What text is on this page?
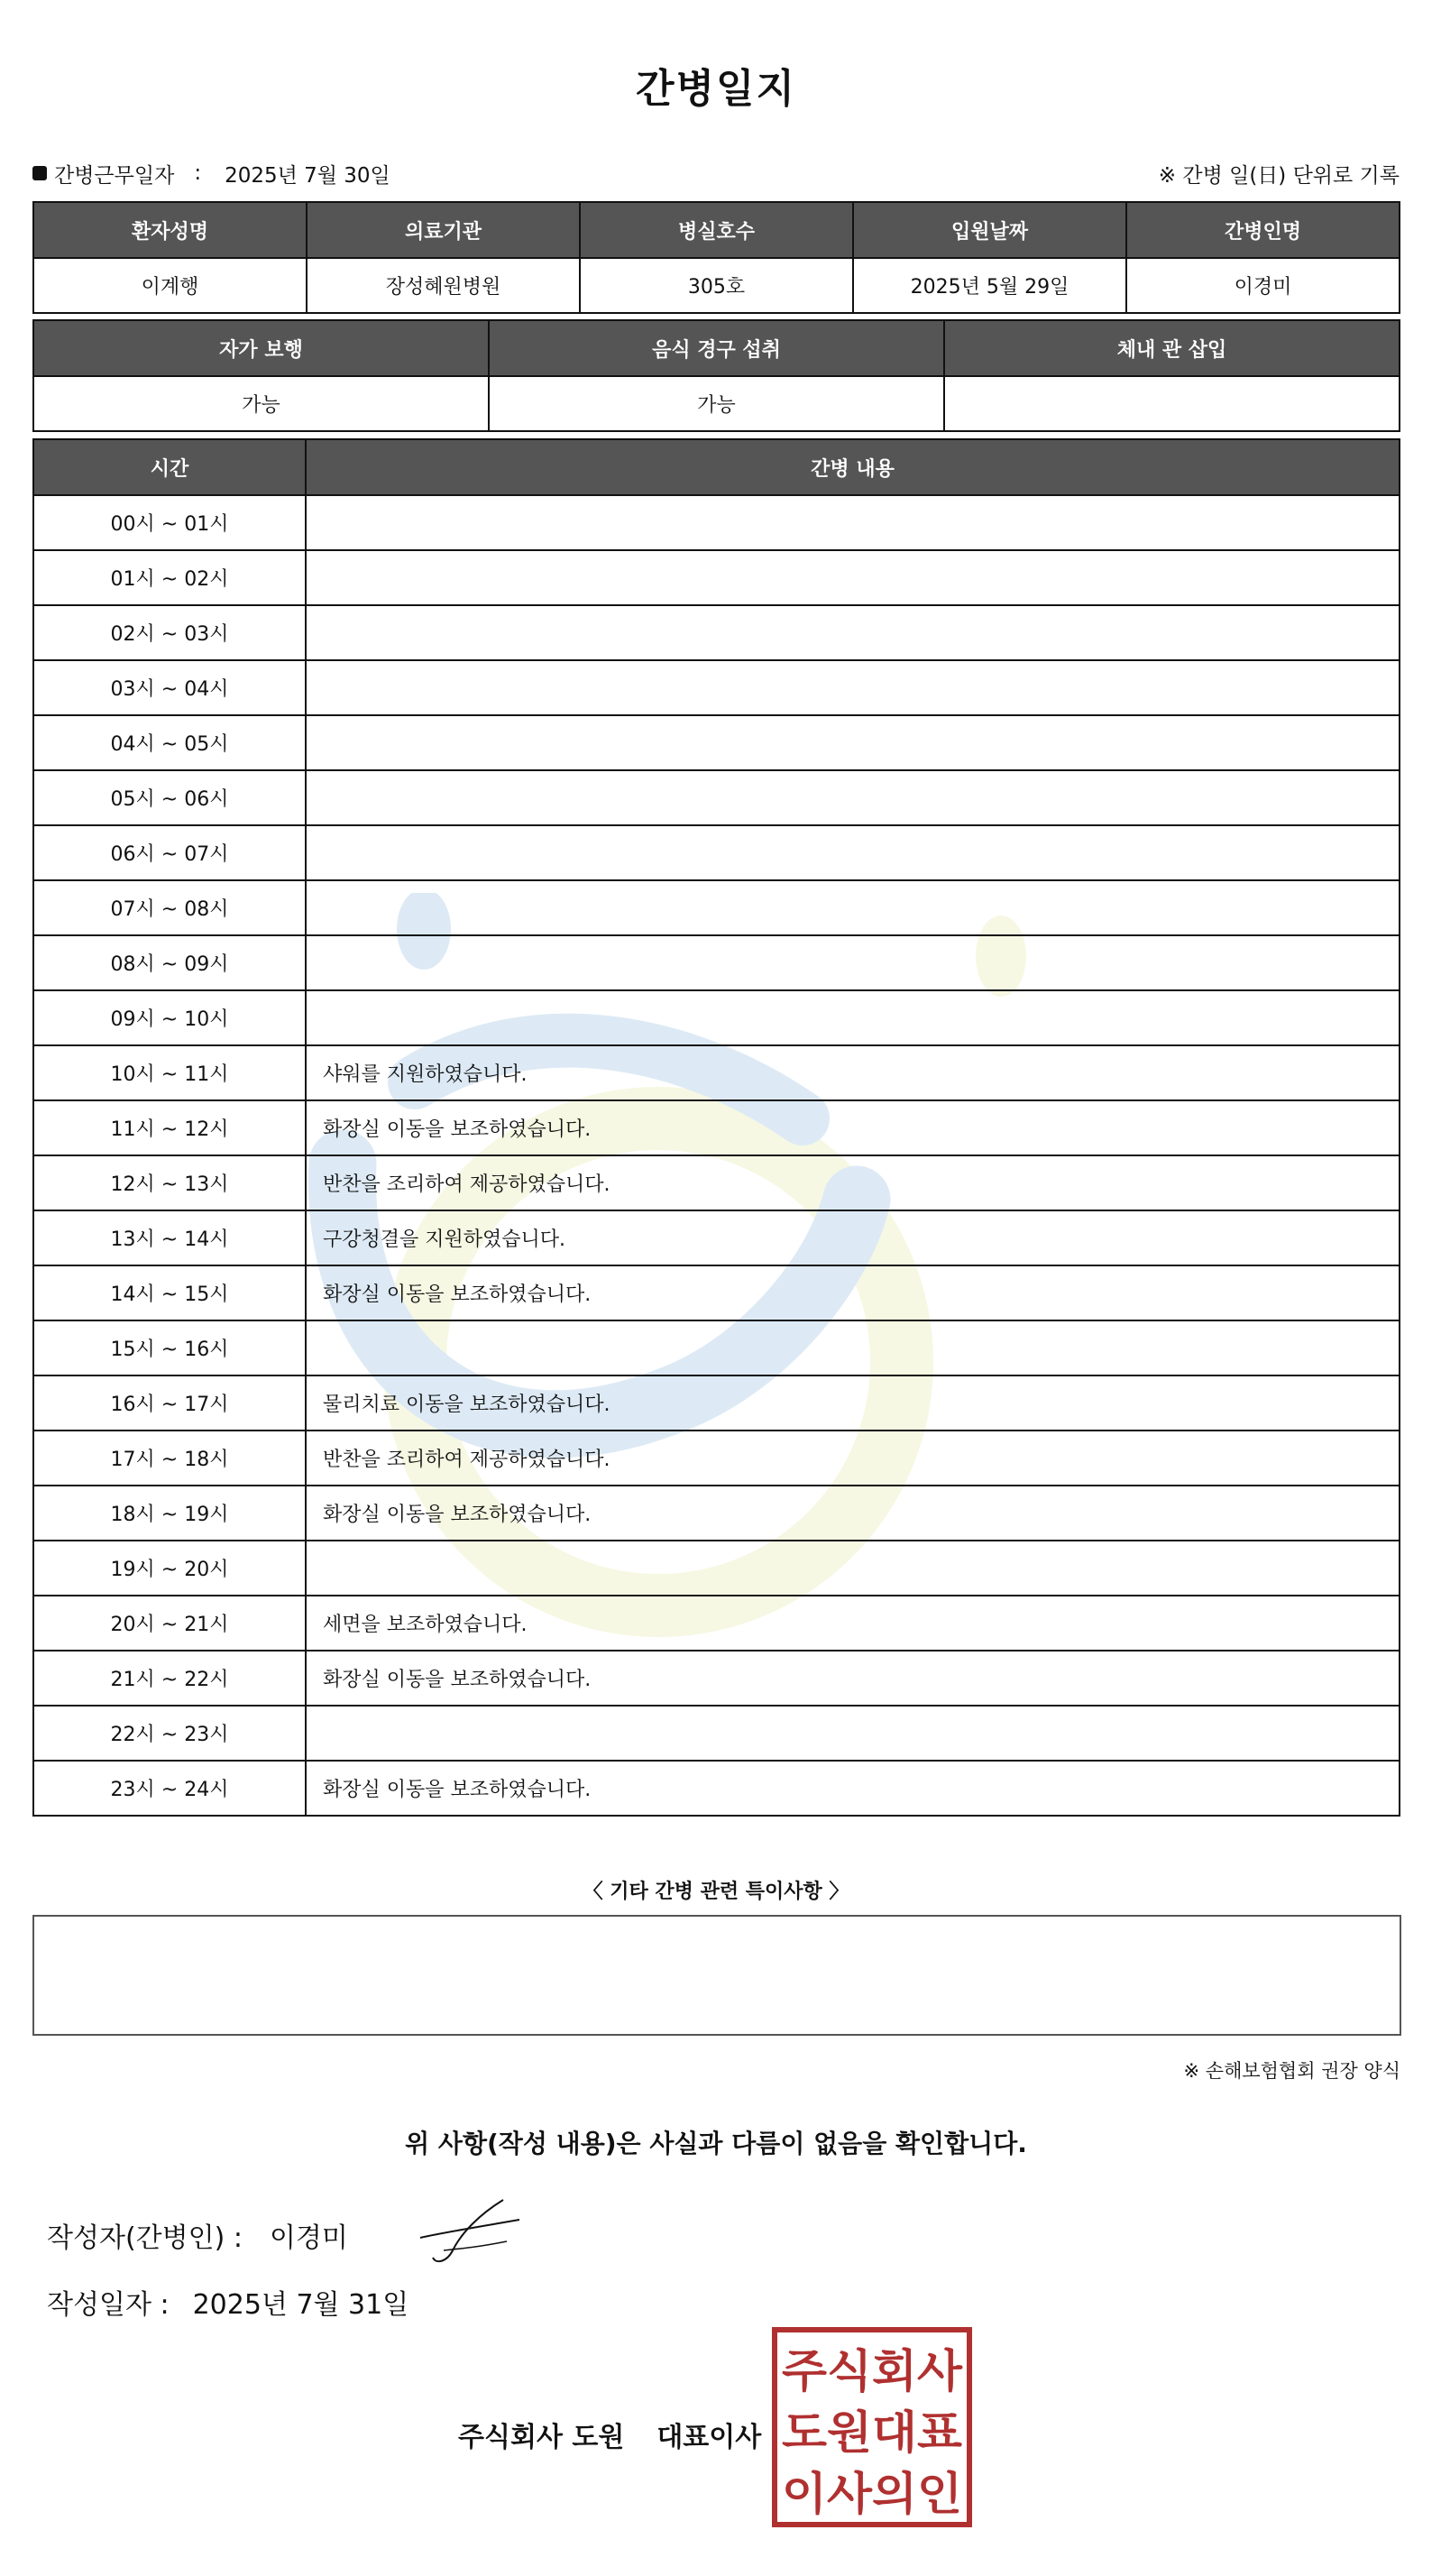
간병일지
간병근무일자 : 2025년 7월 30일	※ 간병 일(日) 단위로 기록
환자성명	의료기관	병실호수	입원날짜	간병인명
이계행	장성혜원병원	305호	2025년 5월 29일	이경미
자가 보행	음식 경구 섭취	체내 관 삽입
가능	가능	
시간	간병 내용
00시 ~ 01시	
01시 ~ 02시	
02시 ~ 03시	
03시 ~ 04시	
04시 ~ 05시	
05시 ~ 06시	
06시 ~ 07시	
07시 ~ 08시	
08시 ~ 09시	
09시 ~ 10시	
10시 ~ 11시	샤워를 지원하였습니다.
11시 ~ 12시	화장실 이동을 보조하였습니다.
12시 ~ 13시	반찬을 조리하여 제공하였습니다.
13시 ~ 14시	구강청결을 지원하였습니다.
14시 ~ 15시	화장실 이동을 보조하였습니다.
15시 ~ 16시	
16시 ~ 17시	물리치료 이동을 보조하였습니다.
17시 ~ 18시	반찬을 조리하여 제공하였습니다.
18시 ~ 19시	화장실 이동을 보조하였습니다.
19시 ~ 20시	
20시 ~ 21시	세면을 보조하였습니다.
21시 ~ 22시	화장실 이동을 보조하였습니다.
22시 ~ 23시	
23시 ~ 24시	화장실 이동을 보조하였습니다.
〈 기타 간병 관련 특이사항 〉
※ 손해보험협회 권장 양식
위 사항(작성 내용)은 사실과 다름이 없음을 확인합니다.
작성자(간병인) : 이경미
작성일자 : 2025년 7월 31일
주식회사 도원 대표이사
주식회사
도원대표
이사의인
